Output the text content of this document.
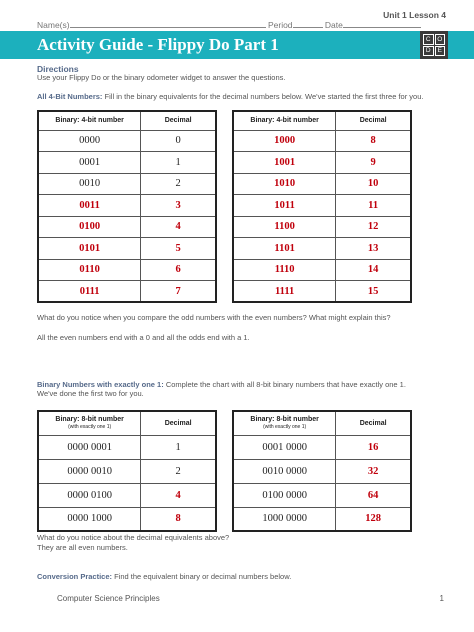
Unit 1 Lesson 4
Name(s)	Period	Date
Activity Guide - Flippy Do Part 1	C	O
D	E
Directions
Use your Flippy Do or the binary odometer widget to answer the questions.
All 4-Bit Numbers: Fill in the binary equivalents for the decimal numbers below. We've started the first three for you.
Binary: 4-bit number	Decimal
0000	0
0001	1
0010	2
0011	3
0100	4
0101	5
0110	6
0111	7
Binary: 4-bit number	Decimal
1000	8
1001	9
1010	10
1011	11
1100	12
1101	13
1110	14
1111	15
What do you notice when you compare the odd numbers with the even numbers? What might explain this?
All the even numbers end with a 0 and all the odds end with a 1.
Binary Numbers with exactly one 1: Complete the chart with all 8-bit binary numbers that have exactly one 1.
We've done the first two for you.
Binary: 8-bit number
(with exactly one 1)	Decimal
0000 0001	1
0000 0010	2
0000 0100	4
0000 1000	8
Binary: 8-bit number
(with exactly one 1)	Decimal
0001 0000	16
0010 0000	32
0100 0000	64
1000 0000	128
What do you notice about the decimal equivalents above?
They are all even numbers.
Conversion Practice: Find the equivalent binary or decimal numbers below.
Computer Science Principles	1
